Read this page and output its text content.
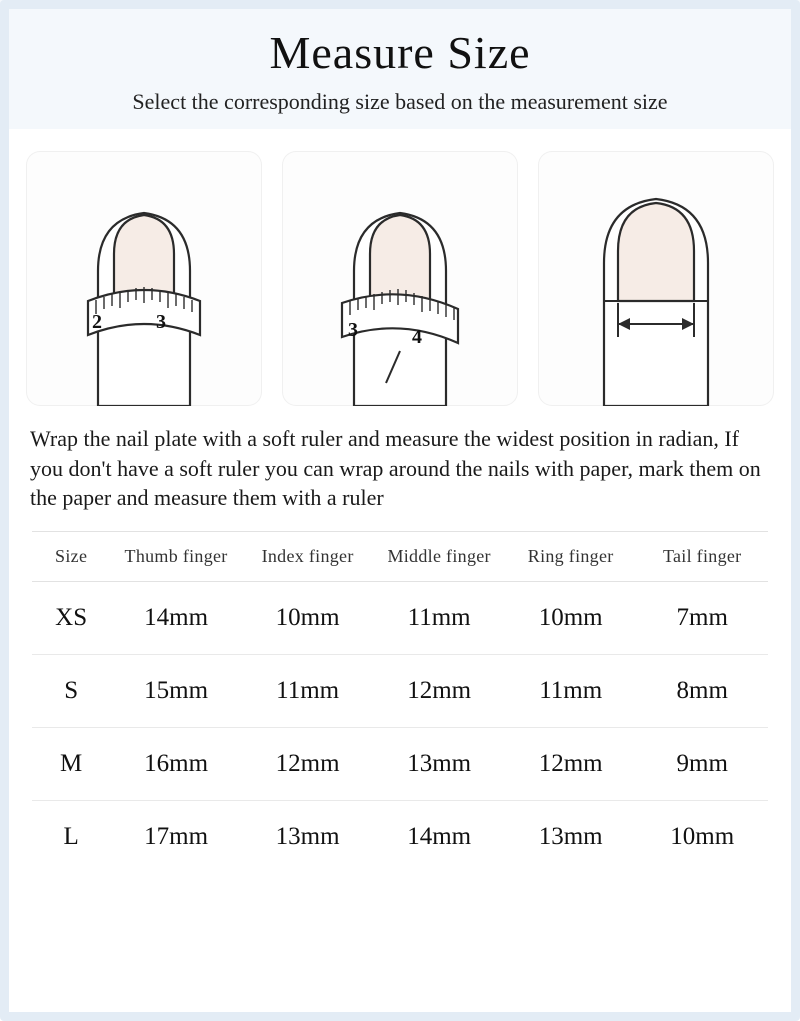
Measure Size

Select the corresponding size based on the measurement size

2	3	3	4
Wrap the nail plate with a soft ruler and measure the widest position in radian, If you don't have a soft ruler you can wrap around the nails with paper, mark them on the paper and measure them with a ruler
Size	Thumb finger	Index finger	Middle finger	Ring finger	Tail finger
XS	14mm	10mm	11mm	10mm	7mm
S	15mm	11mm	12mm	11mm	8mm
M	16mm	12mm	13mm	12mm	9mm
L	17mm	13mm	14mm	13mm	10mm
